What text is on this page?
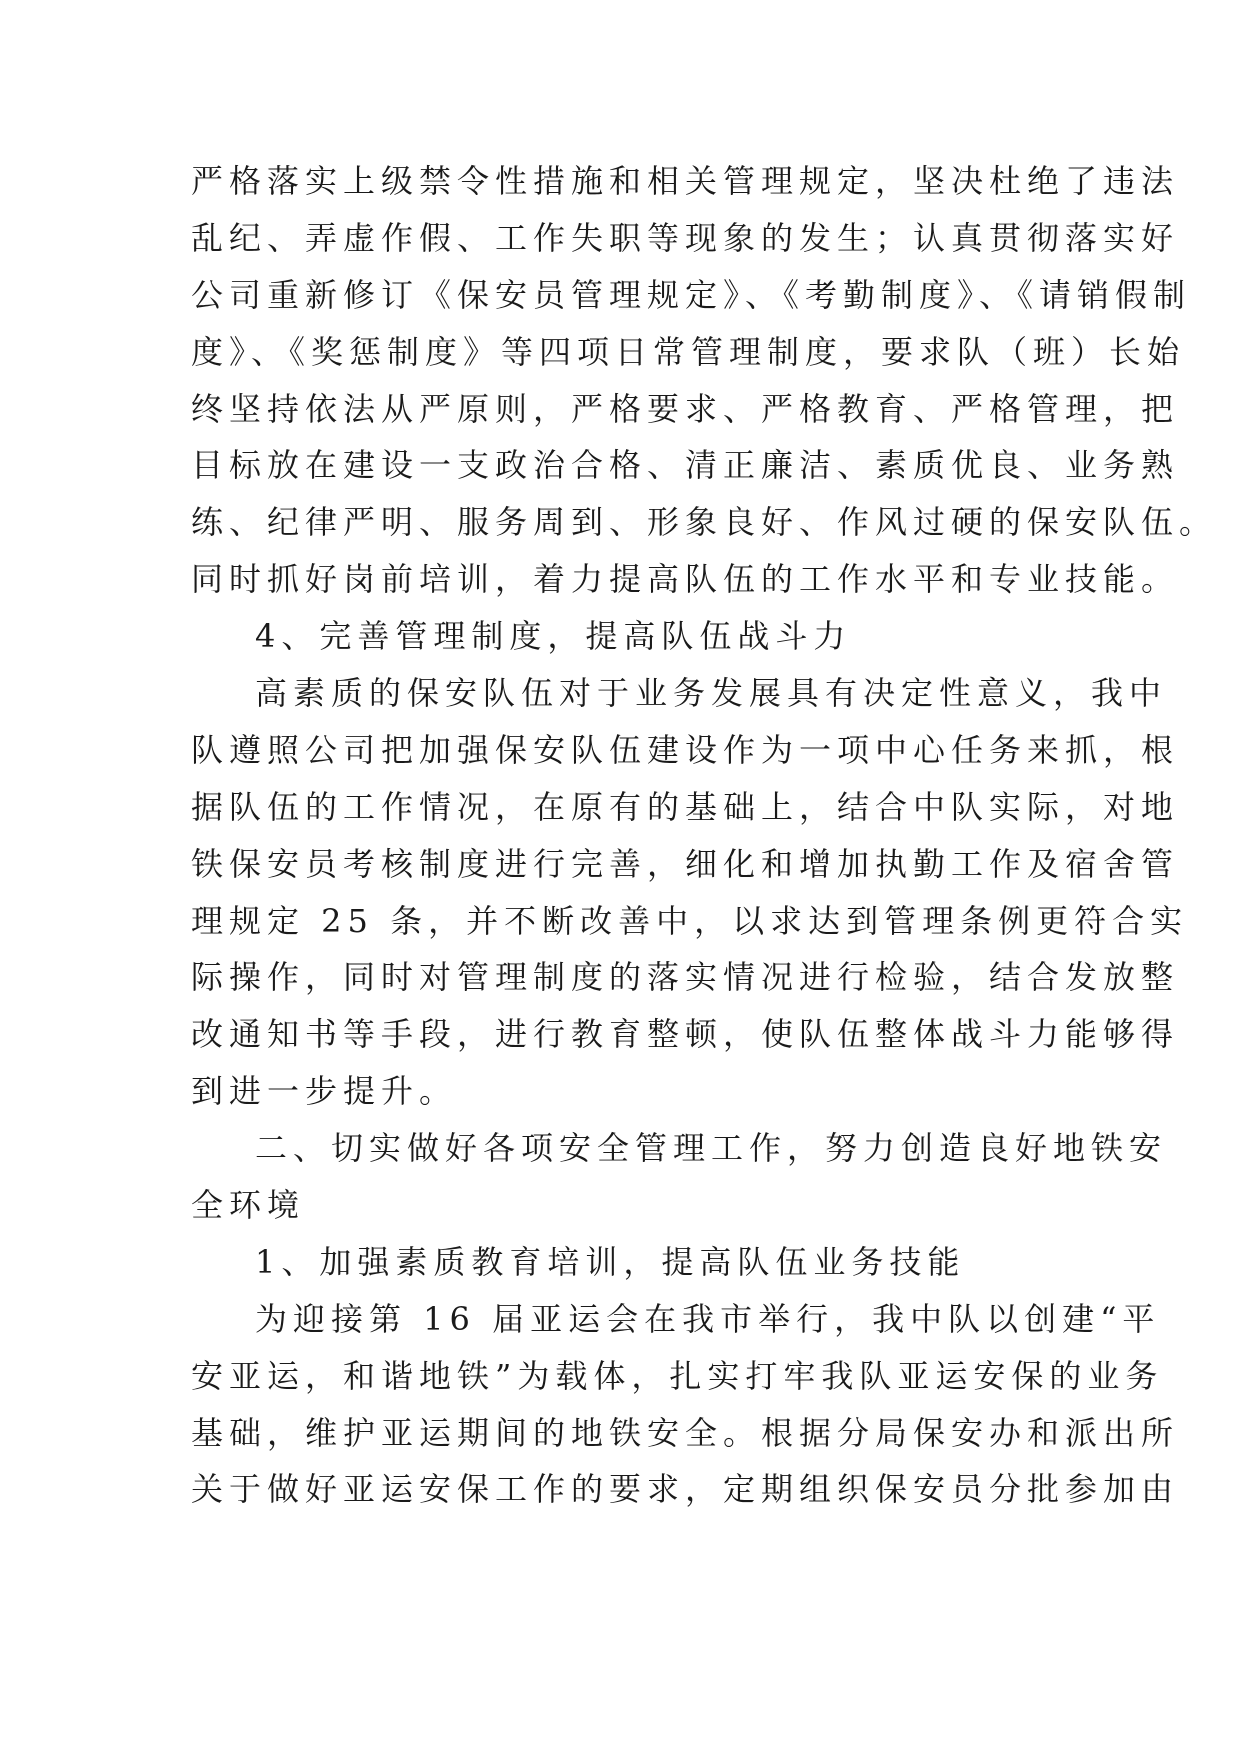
严格落实上级禁令性措施和相关管理规定，坚决杜绝了违法
乱纪、弄虚作假、工作失职等现象的发生；认真贯彻落实好
公司重新修订《保安员管理规定》、《考勤制度》、《请销假制
度》、《奖惩制度》等四项日常管理制度，要求队（班）长始
终坚持依法从严原则，严格要求、严格教育、严格管理，把
目标放在建设一支政治合格、清正廉洁、素质优良、业务熟
练、纪律严明、服务周到、形象良好、作风过硬的保安队伍。
同时抓好岗前培训，着力提高队伍的工作水平和专业技能。
4、完善管理制度，提高队伍战斗力
高素质的保安队伍对于业务发展具有决定性意义，我中
队遵照公司把加强保安队伍建设作为一项中心任务来抓，根
据队伍的工作情况，在原有的基础上，结合中队实际，对地
铁保安员考核制度进行完善，细化和增加执勤工作及宿舍管
理规定 25 条，并不断改善中，以求达到管理条例更符合实
际操作，同时对管理制度的落实情况进行检验，结合发放整
改通知书等手段，进行教育整顿，使队伍整体战斗力能够得
到进一步提升。
二、切实做好各项安全管理工作，努力创造良好地铁安
全环境
1、加强素质教育培训，提高队伍业务技能
为迎接第 16 届亚运会在我市举行，我中队以创建“平
安亚运，和谐地铁”为载体，扎实打牢我队亚运安保的业务
基础，维护亚运期间的地铁安全。根据分局保安办和派出所
关于做好亚运安保工作的要求，定期组织保安员分批参加由
